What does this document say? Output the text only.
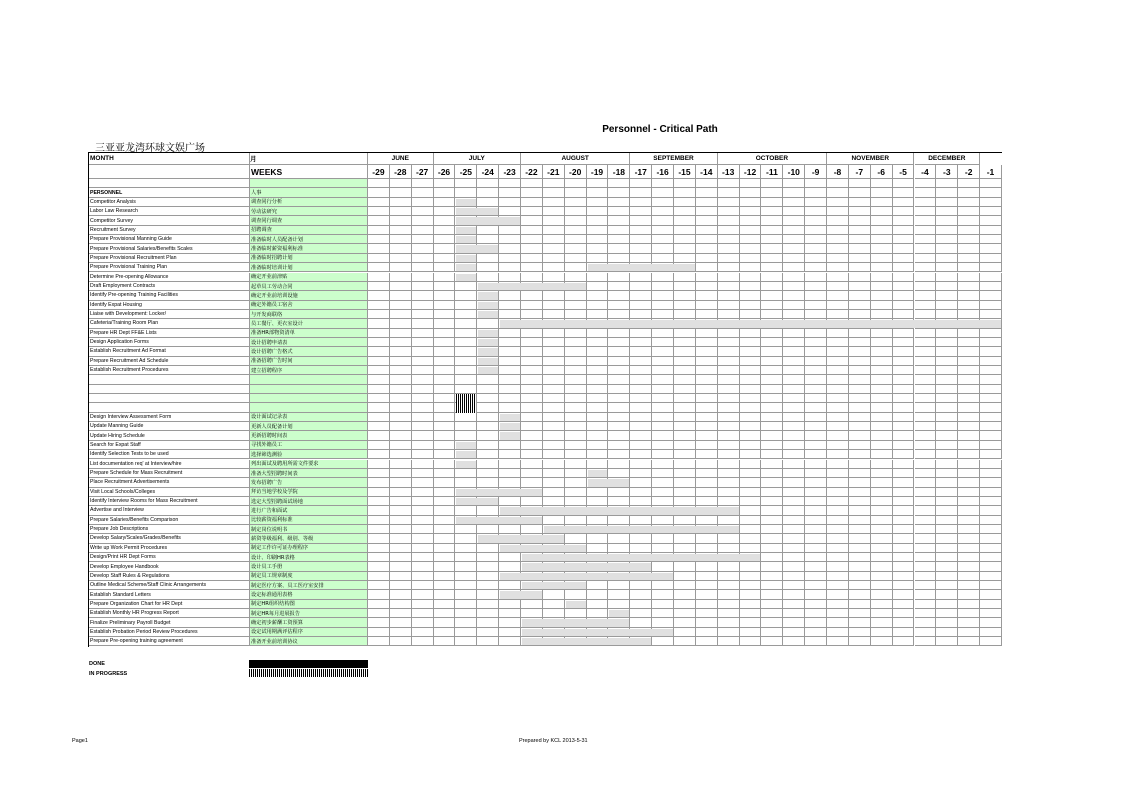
Personnel - Critical Path
三亚亚龙湾环球文娱广场
MONTH	月	JUNE	JULY	AUGUST	SEPTEMBER	OCTOBER	NOVEMBER	DECEMBER
WEEKS	-29	-28	-27	-26	-25	-24	-23	-22	-21	-20	-19	-18	-17	-16	-15	-14	-13	-12	-11	-10	-9	-8	-7	-6	-5	-4	-3	-2	-1
PERSONNEL	人事
Competitor Analysis	调查同行分析
Labor Law Research	劳动法研究
Competitor Survey	调查同行调查
Recruitment Survey	招聘调查
Prepare Provisional Manning Guide	准备临时人员配备计划
Prepare Provisional Salaries/Benefits Scales	准备临时薪资福利标准
Prepare Provisional Recruitment Plan	准备临时招聘计划
Prepare Provisional Training Plan	准备临时培训计划
Determine Pre-opening Allowance	确定开业前津贴
Draft Employment Contracts	起草员工劳动合同
Identify Pre-opening Training Facilities	确定开业前培训设施
Identify Expat Housing	确定外籍员工宿舍
Liaise with Development: Locker/	与开发商联络
Cafeteria/Training Room Plan	员工餐厅、更衣室设计
Prepare HR Dept FF&E Lists	准备HR部物资清单
Design Application Forms	设计招聘申请表
Establish Recruitment Ad Format	设计招聘广告格式
Prepare Recruitment Ad Schedule	准备招聘广告时间
Establish Recruitment Procedures	建立招聘程序
Design Interview Assessment Form	设计面试记录表
Update Manning Guide	更新人员配备计划
Update Hiring Schedule	更新招聘时间表
Search for Expat Staff	寻找外籍员工
Identify Selection Tests to be used	选择筛选测验
List documentation req' at Interview/hire	列出面试及聘用所需文件要求
Prepare Schedule for Mass Recruitment	准备大型招聘时间表
Place Recruitment Advertisements	发布招聘广告
Visit Local Schools/Colleges	拜访当地学校及学院
Identify Interview Rooms for Mass Recruitment	选定大型招聘面试场地
Advertise and Interview	进行广告和面试
Prepare Salaries/Benefits Comparison	比较薪资福利标准
Prepare Job Descriptions	制定岗位说明书
Develop Salary/Scales/Grades/Benefits	薪资等级福利、级别、等级
Write up Work Permit Procedures	制定工作许可证办理程序
Design/Print HR Dept Forms	设计、印刷HR表格
Develop Employee Handbook	设计员工手册
Develop Staff Rules & Regulations	制定员工规章制度
Outline Medical Scheme/Staff Clinic Arrangements	制定医疗方案、员工医疗室安排
Establish Standard Letters	设定标准通用表格
Prepare Organization Chart for HR Dept	制定HR组织结构图
Establish Monthly HR Progress Report	制定HR每月进展报告
Finalize Preliminary Payroll Budget	确定初步薪酬工资预算
Establish Probation Period Review Procedures	设定试用期满评估程序
Prepare Pre-opening training agreement	准备开业前培训协议
DONE
IN PROGRESS
Page1	Prepared by KCL 2013-5-31
